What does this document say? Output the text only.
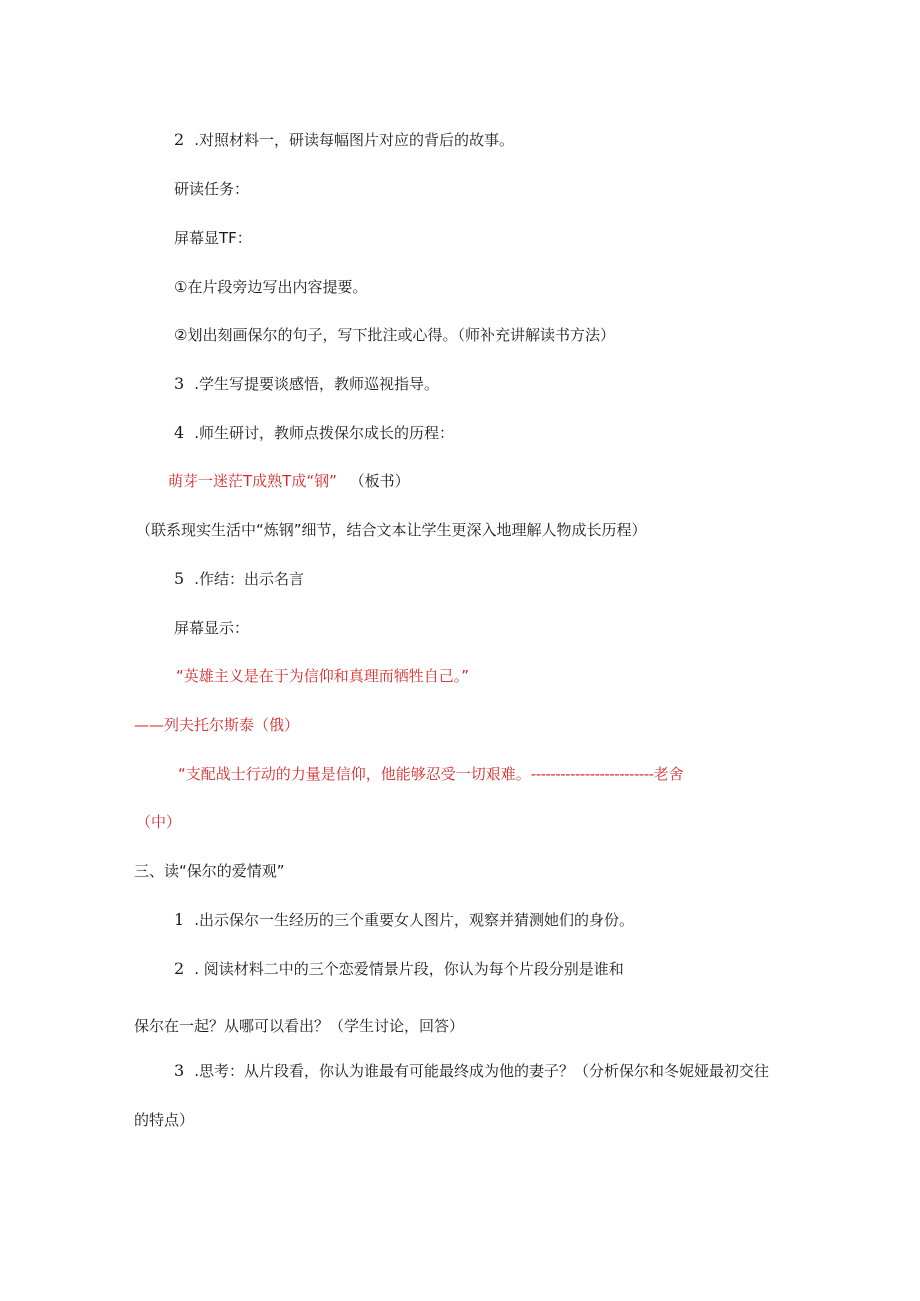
2 .对照材料一，研读每幅图片对应的背后的故事。
研读任务：
屏幕显TF：
①在片段旁边写出内容提要。
②划出刻画保尔的句子，写下批注或心得。（师补充讲解读书方法）
3 .学生写提要谈感悟，教师巡视指导。
4 .师生研讨，教师点拨保尔成长的历程：
萌芽一迷茫T成熟T成“钢” （板书）
（联系现实生活中“炼钢”细节，结合文本让学生更深入地理解人物成长历程）
5 .作结：出示名言
屏幕显示：
“英雄主义是在于为信仰和真理而牺牲自己。”
——列夫托尔斯泰（俄）
“支配战士行动的力量是信仰，他能够忍受一切艰难。-------------------------老舍
（中）
三、读“保尔的爱情观”
1 .出示保尔一生经历的三个重要女人图片，观察并猜测她们的身份。
2 . 阅读材料二中的三个恋爱情景片段，你认为每个片段分别是谁和
保尔在一起？从哪可以看出？（学生讨论，回答）
3 .思考：从片段看，你认为谁最有可能最终成为他的妻子？（分析保尔和冬妮娅最初交往
的特点）
